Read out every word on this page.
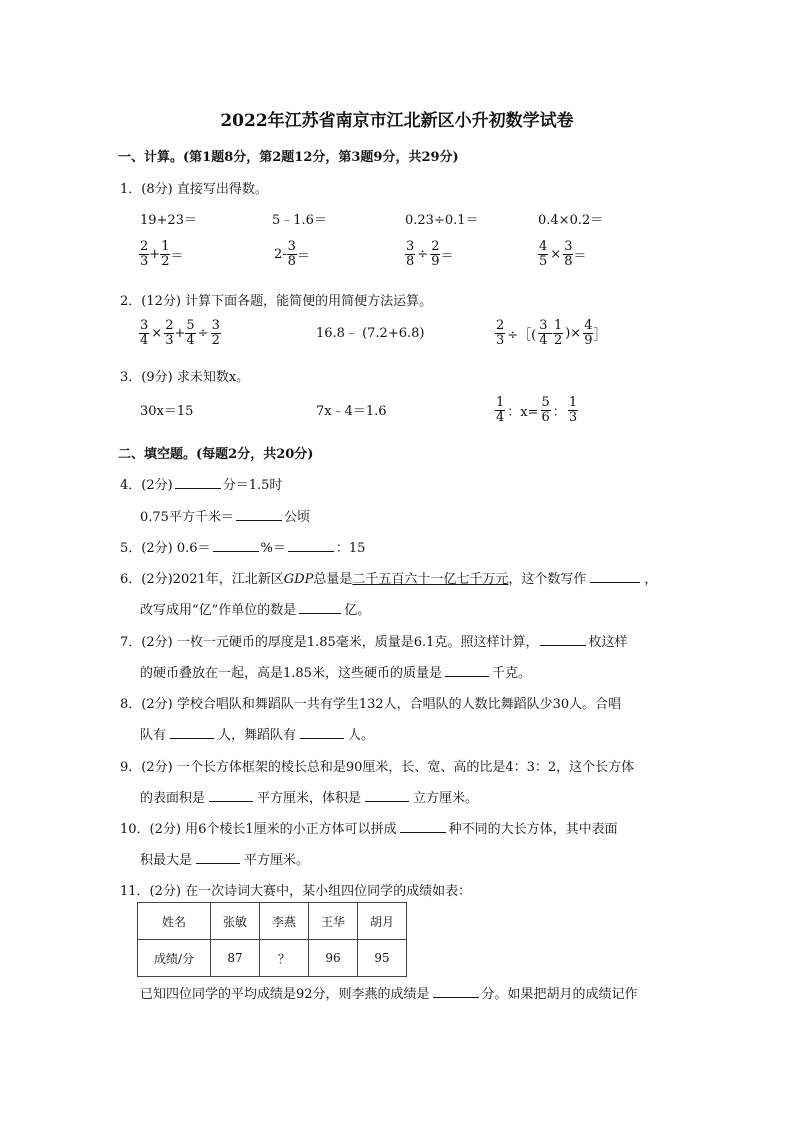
2022年江苏省南京市江北新区小升初数学试卷
一、计算。(第1题8分，第2题12分，第3题9分，共29分)
1．(8分) 直接写出得数。
19+23＝	5﹣1.6＝	0.23÷0.1＝	0.4×0.2＝
$\frac{2}{3} + \frac{1}{2}$ ＝	$2- \frac{3}{8}$ ＝	$\frac{3}{8} \div \frac{2}{9}$ ＝	$\frac{4}{5} \times \frac{3}{8}$ ＝
2．(12分) 计算下面各题，能简便的用简便方法运算。
$\frac{3}{4} \times \frac{2}{3} + \frac{5}{4} \div \frac{3}{2}$	16.8﹣ (7.2+6.8)	$\frac{2}{3}$ ÷［( $\frac{3}{4} - \frac{1}{2}$ )× $\frac{4}{9}$ ］
3．(9分) 求未知数x。
30x＝15	7x﹣4＝1.6	$\frac{1}{4}$ ：$x= \frac{5}{6}$ ： $\frac{1}{3}$
二、填空题。(每题2分，共20分)
4．(2分)	分＝1.5时
0.75平方千米＝	公顷
5．(2分) 0.6＝	%＝	：15
6．(2分)2021年，江北新区GDP总量是二千五百六十一亿七千万元，这个数写作	，
改写成用“亿”作单位的数是	亿。
7．(2分) 一枚一元硬币的厚度是1.85毫米，质量是6.1克。照这样计算，	枚这样
的硬币叠放在一起，高是1.85米，这些硬币的质量是	千克。
8．(2分) 学校合唱队和舞蹈队一共有学生132人，合唱队的人数比舞蹈队少30人。合唱
队有	人，舞蹈队有	人。
9．(2分) 一个长方体框架的棱长总和是90厘米，长、宽、高的比是4：3：2，这个长方体
的表面积是	平方厘米，体积是	立方厘米。
10．(2分) 用6个棱长1厘米的小正方体可以拼成	种不同的大长方体，其中表面
积最大是	平方厘米。
11．(2分) 在一次诗词大赛中，某小组四位同学的成绩如表：
姓名	张敏	李燕	王华	胡月
成绩/分	87	？	96	95
已知四位同学的平均成绩是92分，则李燕的成绩是	分。如果把胡月的成绩记作
